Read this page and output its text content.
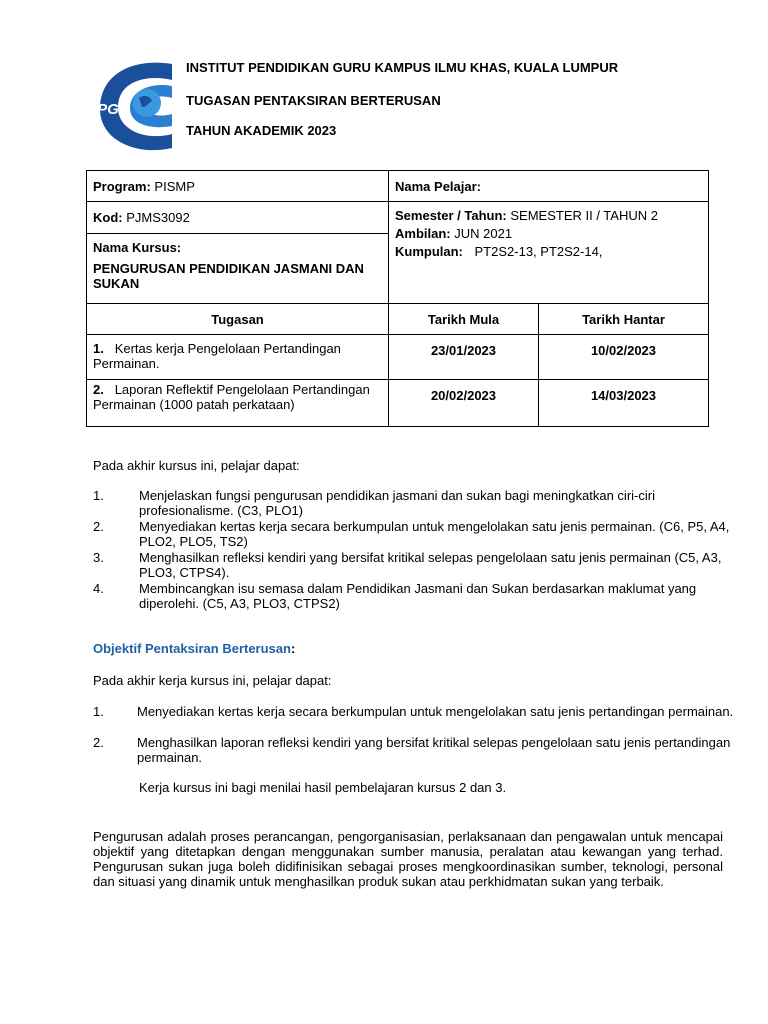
iPG
INSTITUT PENDIDIKAN GURU KAMPUS ILMU KHAS, KUALA LUMPUR
TUGASAN PENTAKSIRAN BERTERUSAN
TAHUN AKADEMIK 2023
Program: PISMP	Nama Pelajar:	
Kod: PJMS3092	Semester / Tahun: SEMESTER II / TAHUN 2
Ambilan: JUN 2021
Kumpulan: PT2S2-13, PT2S2-14,	

Nama Kursus:
PENGURUSAN PENDIDIKAN JASMANI DAN SUKAN		

Tugasan	Tarikh Mula	Tarikh Hantar
1. Kertas kerja Pengelolaan Pertandingan Permainan.	23/01/2023	10/02/2023
2. Laporan Reflektif Pengelolaan Pertandingan Permainan (1000 patah perkataan)	20/02/2023	14/03/2023
Pada akhir kursus ini, pelajar dapat:
1.	Menjelaskan fungsi pengurusan pendidikan jasmani dan sukan bagi meningkatkan ciri-ciri profesionalisme. (C3, PLO1)
2.	Menyediakan kertas kerja secara berkumpulan untuk mengelolakan satu jenis permainan. (C6, P5, A4, PLO2, PLO5, TS2)
3.	Menghasilkan refleksi kendiri yang bersifat kritikal selepas pengelolaan satu jenis permainan (C5, A3, PLO3, CTPS4).
4.	Membincangkan isu semasa dalam Pendidikan Jasmani dan Sukan berdasarkan maklumat yang diperolehi. (C5, A3, PLO3, CTPS2)
Objektif Pentaksiran Berterusan:
Pada akhir kerja kursus ini, pelajar dapat:
1.	Menyediakan kertas kerja secara berkumpulan untuk mengelolakan satu jenis pertandingan permainan.
2.	Menghasilkan laporan refleksi kendiri yang bersifat kritikal selepas pengelolaan satu jenis pertandingan permainan.
Kerja kursus ini bagi menilai hasil pembelajaran kursus 2 dan 3.
Pengurusan adalah proses perancangan, pengorganisasian, perlaksanaan dan pengawalan untuk mencapai objektif yang ditetapkan dengan menggunakan sumber manusia, peralatan atau kewangan yang terhad. Pengurusan sukan juga boleh didifinisikan sebagai proses mengkoordinasikan sumber, teknologi, personal dan situasi yang dinamik untuk menghasilkan produk sukan atau perkhidmatan sukan yang terbaik.
